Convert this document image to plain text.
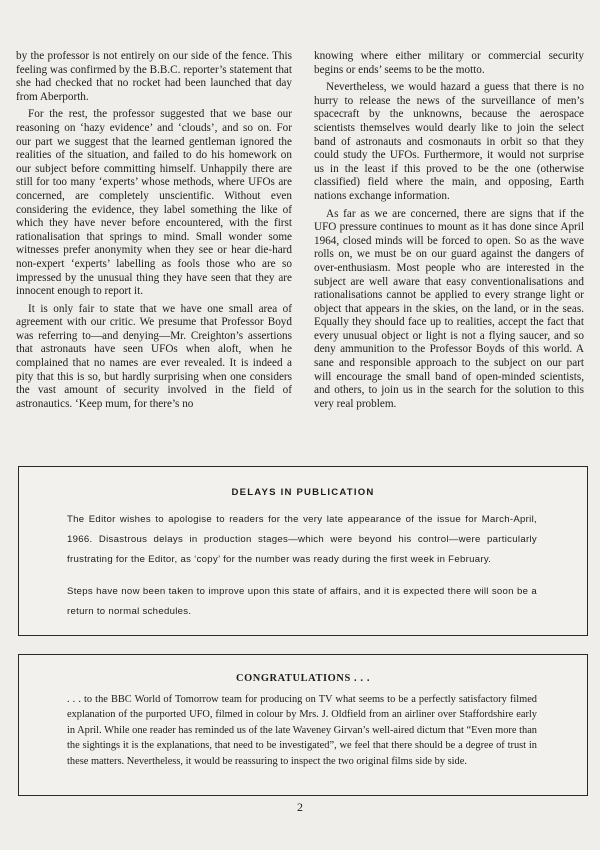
by the professor is not entirely on our side of the fence. This feeling was confirmed by the B.B.C. reporter’s statement that she had checked that no rocket had been launched that day from Aberporth.

For the rest, the professor suggested that we base our reasoning on ‘hazy evidence’ and ‘clouds’, and so on. For our part we suggest that the learned gentleman ignored the realities of the situation, and failed to do his homework on our subject before committing himself. Unhappily there are still for too many ‘experts’ whose methods, where UFOs are concerned, are completely unscientific. Without even considering the evidence, they label something the like of which they have never before encountered, with the first rationalisation that springs to mind. Small wonder some witnesses prefer anonymity when they see or hear die-hard non-expert ‘experts’ labelling as fools those who are so impressed by the unusual thing they have seen that they are innocent enough to report it.

It is only fair to state that we have one small area of agreement with our critic. We presume that Professor Boyd was referring to—and denying—Mr. Creighton’s assertions that astronauts have seen UFOs when aloft, when he complained that no names are ever revealed. It is indeed a pity that this is so, but hardly surprising when one considers the vast amount of security involved in the field of astronautics. ‘Keep mum, for there’s no

knowing where either military or commercial security begins or ends’ seems to be the motto.

Nevertheless, we would hazard a guess that there is no hurry to release the news of the surveillance of men’s spacecraft by the unknowns, because the aerospace scientists themselves would dearly like to join the select band of astronauts and cosmonauts in orbit so that they could study the UFOs. Furthermore, it would not surprise us in the least if this proved to be the one (otherwise classified) field where the main, and opposing, Earth nations exchange information.

As far as we are concerned, there are signs that if the UFO pressure continues to mount as it has done since April 1964, closed minds will be forced to open. So as the wave rolls on, we must be on our guard against the dangers of over-enthusiasm. Most people who are interested in the subject are well aware that easy conventionalisations and rationalisations cannot be applied to every strange light or object that appears in the skies, on the land, or in the seas. Equally they should face up to realities, accept the fact that every unusual object or light is not a flying saucer, and so deny ammunition to the Professor Boyds of this world. A sane and responsible approach to the subject on our part will encourage the small band of open-minded scientists, and others, to join us in the search for the solution to this very real problem.

DELAYS IN PUBLICATION

The Editor wishes to apologise to readers for the very late appearance of the issue for March-April, 1966. Disastrous delays in production stages—which were beyond his control—were particularly frustrating for the Editor, as ‘copy’ for the number was ready during the first week in February.

Steps have now been taken to improve upon this state of affairs, and it is expected there will soon be a return to normal schedules.

CONGRATULATIONS . . .
. . . to the BBC World of Tomorrow team for producing on TV what seems to be a perfectly satisfactory filmed explanation of the purported UFO, filmed in colour by Mrs. J. Oldfield from an airliner over Staffordshire early in April. While one reader has reminded us of the late Waveney Girvan’s well-aired dictum that “Even more than the sightings it is the explanations, that need to be investigated”, we feel that there should be a degree of trust in these matters. Nevertheless, it would be reassuring to inspect the two original films side by side.
2
